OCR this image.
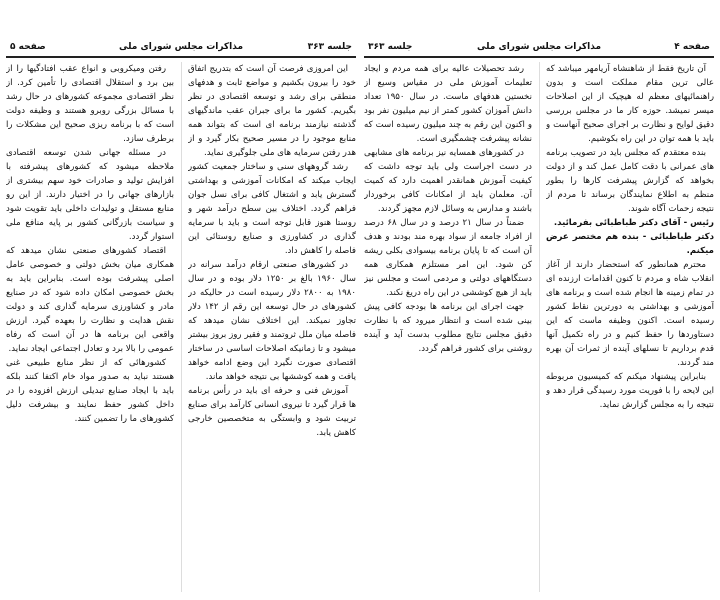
جلسه ۳۶۳
مذاکرات مجلس شورای ملی
صفحه ۵

این امروزی فرصت آن است که بتدریج اتفاق خود را بیرون بکشیم و مواضع ثابت و هدفهای منطقی برای رشد و توسعه اقتصادی در نظر بگیریم. کشور ما برای جبران عقب ماندگیهای گذشته نیازمند برنامه ای است که بتواند همه منابع موجود را در مسیر صحیح بکار گیرد و از هدر رفتن سرمایه های ملی جلوگیری نماید.

رشد گروههای سنی و ساختار جمعیت کشور ایجاب میکند که امکانات آموزشی و بهداشتی گسترش یابد و اشتغال کافی برای نسل جوان فراهم گردد. اختلاف بین سطح درآمد شهر و روستا هنوز قابل توجه است و باید با سرمایه گذاری در کشاورزی و صنایع روستائی این فاصله را کاهش داد.

در کشورهای صنعتی ارقام درآمد سرانه در سال ۱۹۶۰ بالغ بر ۱۲۵۰ دلار بوده و در سال ۱۹۸۰ به ۲۸۰۰ دلار رسیده است در حالیکه در کشورهای در حال توسعه این رقم از ۱۴۲ دلار تجاوز نمیکند. این اختلاف نشان میدهد که فاصله میان ملل ثروتمند و فقیر روز بروز بیشتر میشود و تا زمانیکه اصلاحات اساسی در ساختار اقتصادی صورت نگیرد این وضع ادامه خواهد یافت و همه کوششها بی نتیجه خواهد ماند.

آموزش فنی و حرفه ای باید در رأس برنامه ها قرار گیرد تا نیروی انسانی کارآمد برای صنایع تربیت شود و وابستگی به متخصصین خارجی کاهش یابد.

رفتن ومیکروبی و انواع عقب افتادگیها را از بین برد و استقلال اقتصادی را تأمین کرد. از نظر اقتصادی مجموعه کشورهای در حال رشد با مسائل بزرگی روبرو هستند و وظیفه دولت است که با برنامه ریزی صحیح این مشکلات را برطرف سازد.

در مسئله جهانی شدن توسعه اقتصادی ملاحظه میشود که کشورهای پیشرفته با افزایش تولید و صادرات خود سهم بیشتری از بازارهای جهانی را در اختیار دارند. از این رو منابع مستقل و تولیدات داخلی باید تقویت شود و سیاست بازرگانی کشور بر پایه منافع ملی استوار گردد.

اقتصاد کشورهای صنعتی نشان میدهد که همکاری میان بخش دولتی و خصوصی عامل اصلی پیشرفت بوده است. بنابراین باید به بخش خصوصی امکان داده شود که در صنایع مادر و کشاورزی سرمایه گذاری کند و دولت نقش هدایت و نظارت را بعهده گیرد. ارزش واقعی این برنامه ها در آن است که رفاه عمومی را بالا برد و تعادل اجتماعی ایجاد نماید.

کشورهائی که از نظر منابع طبیعی غنی هستند نباید به صدور مواد خام اکتفا کنند بلکه باید با ایجاد صنایع تبدیلی ارزش افزوده را در داخل کشور حفظ نمایند و بیشرفت دلیل کشورهای ما را تضمین کنند.

صفحه ۴
مذاکرات مجلس شورای ملی
جلسه ۳۶۳

آن تاریخ فقط از شاهنشاه آریامهر میباشد که عالی ترین مقام مملکت است و بدون راهنمائیهای معظم له هیچیک از این اصلاحات میسر نمیشد. حوزه کار ما در مجلس بررسی دقیق لوایح و نظارت بر اجرای صحیح آنهاست و باید با همه توان در این راه بکوشیم.

بنده معتقدم که مجلس باید در تصویب برنامه های عمرانی با دقت کامل عمل کند و از دولت بخواهد که گزارش پیشرفت کارها را بطور منظم به اطلاع نمایندگان برساند تا مردم از نتیجه زحمات آگاه شوند.

رئیس - آقای دکتر طباطبائی بفرمائید.

دکتر طباطبائی - بنده هم مختصر عرض میکنم.

محترم همانطور که استحضار دارند از آغاز انقلاب شاه و مردم تا کنون اقدامات ارزنده ای در تمام زمینه ها انجام شده است و برنامه های آموزشی و بهداشتی به دورترین نقاط کشور رسیده است. اکنون وظیفه ماست که این دستاوردها را حفظ کنیم و در راه تکمیل آنها قدم برداریم تا نسلهای آینده از ثمرات آن بهره مند گردند.

بنابراین پیشنهاد میکنم که کمیسیون مربوطه این لایحه را با فوریت مورد رسیدگی قرار دهد و نتیجه را به مجلس گزارش نماید.

رشد تحصیلات عالیه برای همه مردم و ایجاد تعلیمات آموزش ملی در مقیاس وسیع از نخستین هدفهای ماست. در سال ۱۹۵۰ تعداد دانش آموزان کشور کمتر از نیم میلیون نفر بود و اکنون این رقم به چند میلیون رسیده است که نشانه پیشرفت چشمگیری است.

در کشورهای همسایه نیز برنامه های مشابهی در دست اجراست ولی باید توجه داشت که کیفیت آموزش همانقدر اهمیت دارد که کمیت آن. معلمان باید از امکانات کافی برخوردار باشند و مدارس به وسائل لازم مجهز گردند.

ضمناً در سال ۲۱ درصد و در سال ۶۸ درصد از افراد جامعه از سواد بهره مند بودند و هدف آن است که تا پایان برنامه بیسوادی بکلی ریشه کن شود. این امر مستلزم همکاری همه دستگاههای دولتی و مردمی است و مجلس نیز باید از هیچ کوششی در این راه دریغ نکند.

جهت اجرای این برنامه ها بودجه کافی پیش بینی شده است و انتظار میرود که با نظارت دقیق مجلس نتایج مطلوب بدست آید و آینده روشنی برای کشور فراهم گردد.
